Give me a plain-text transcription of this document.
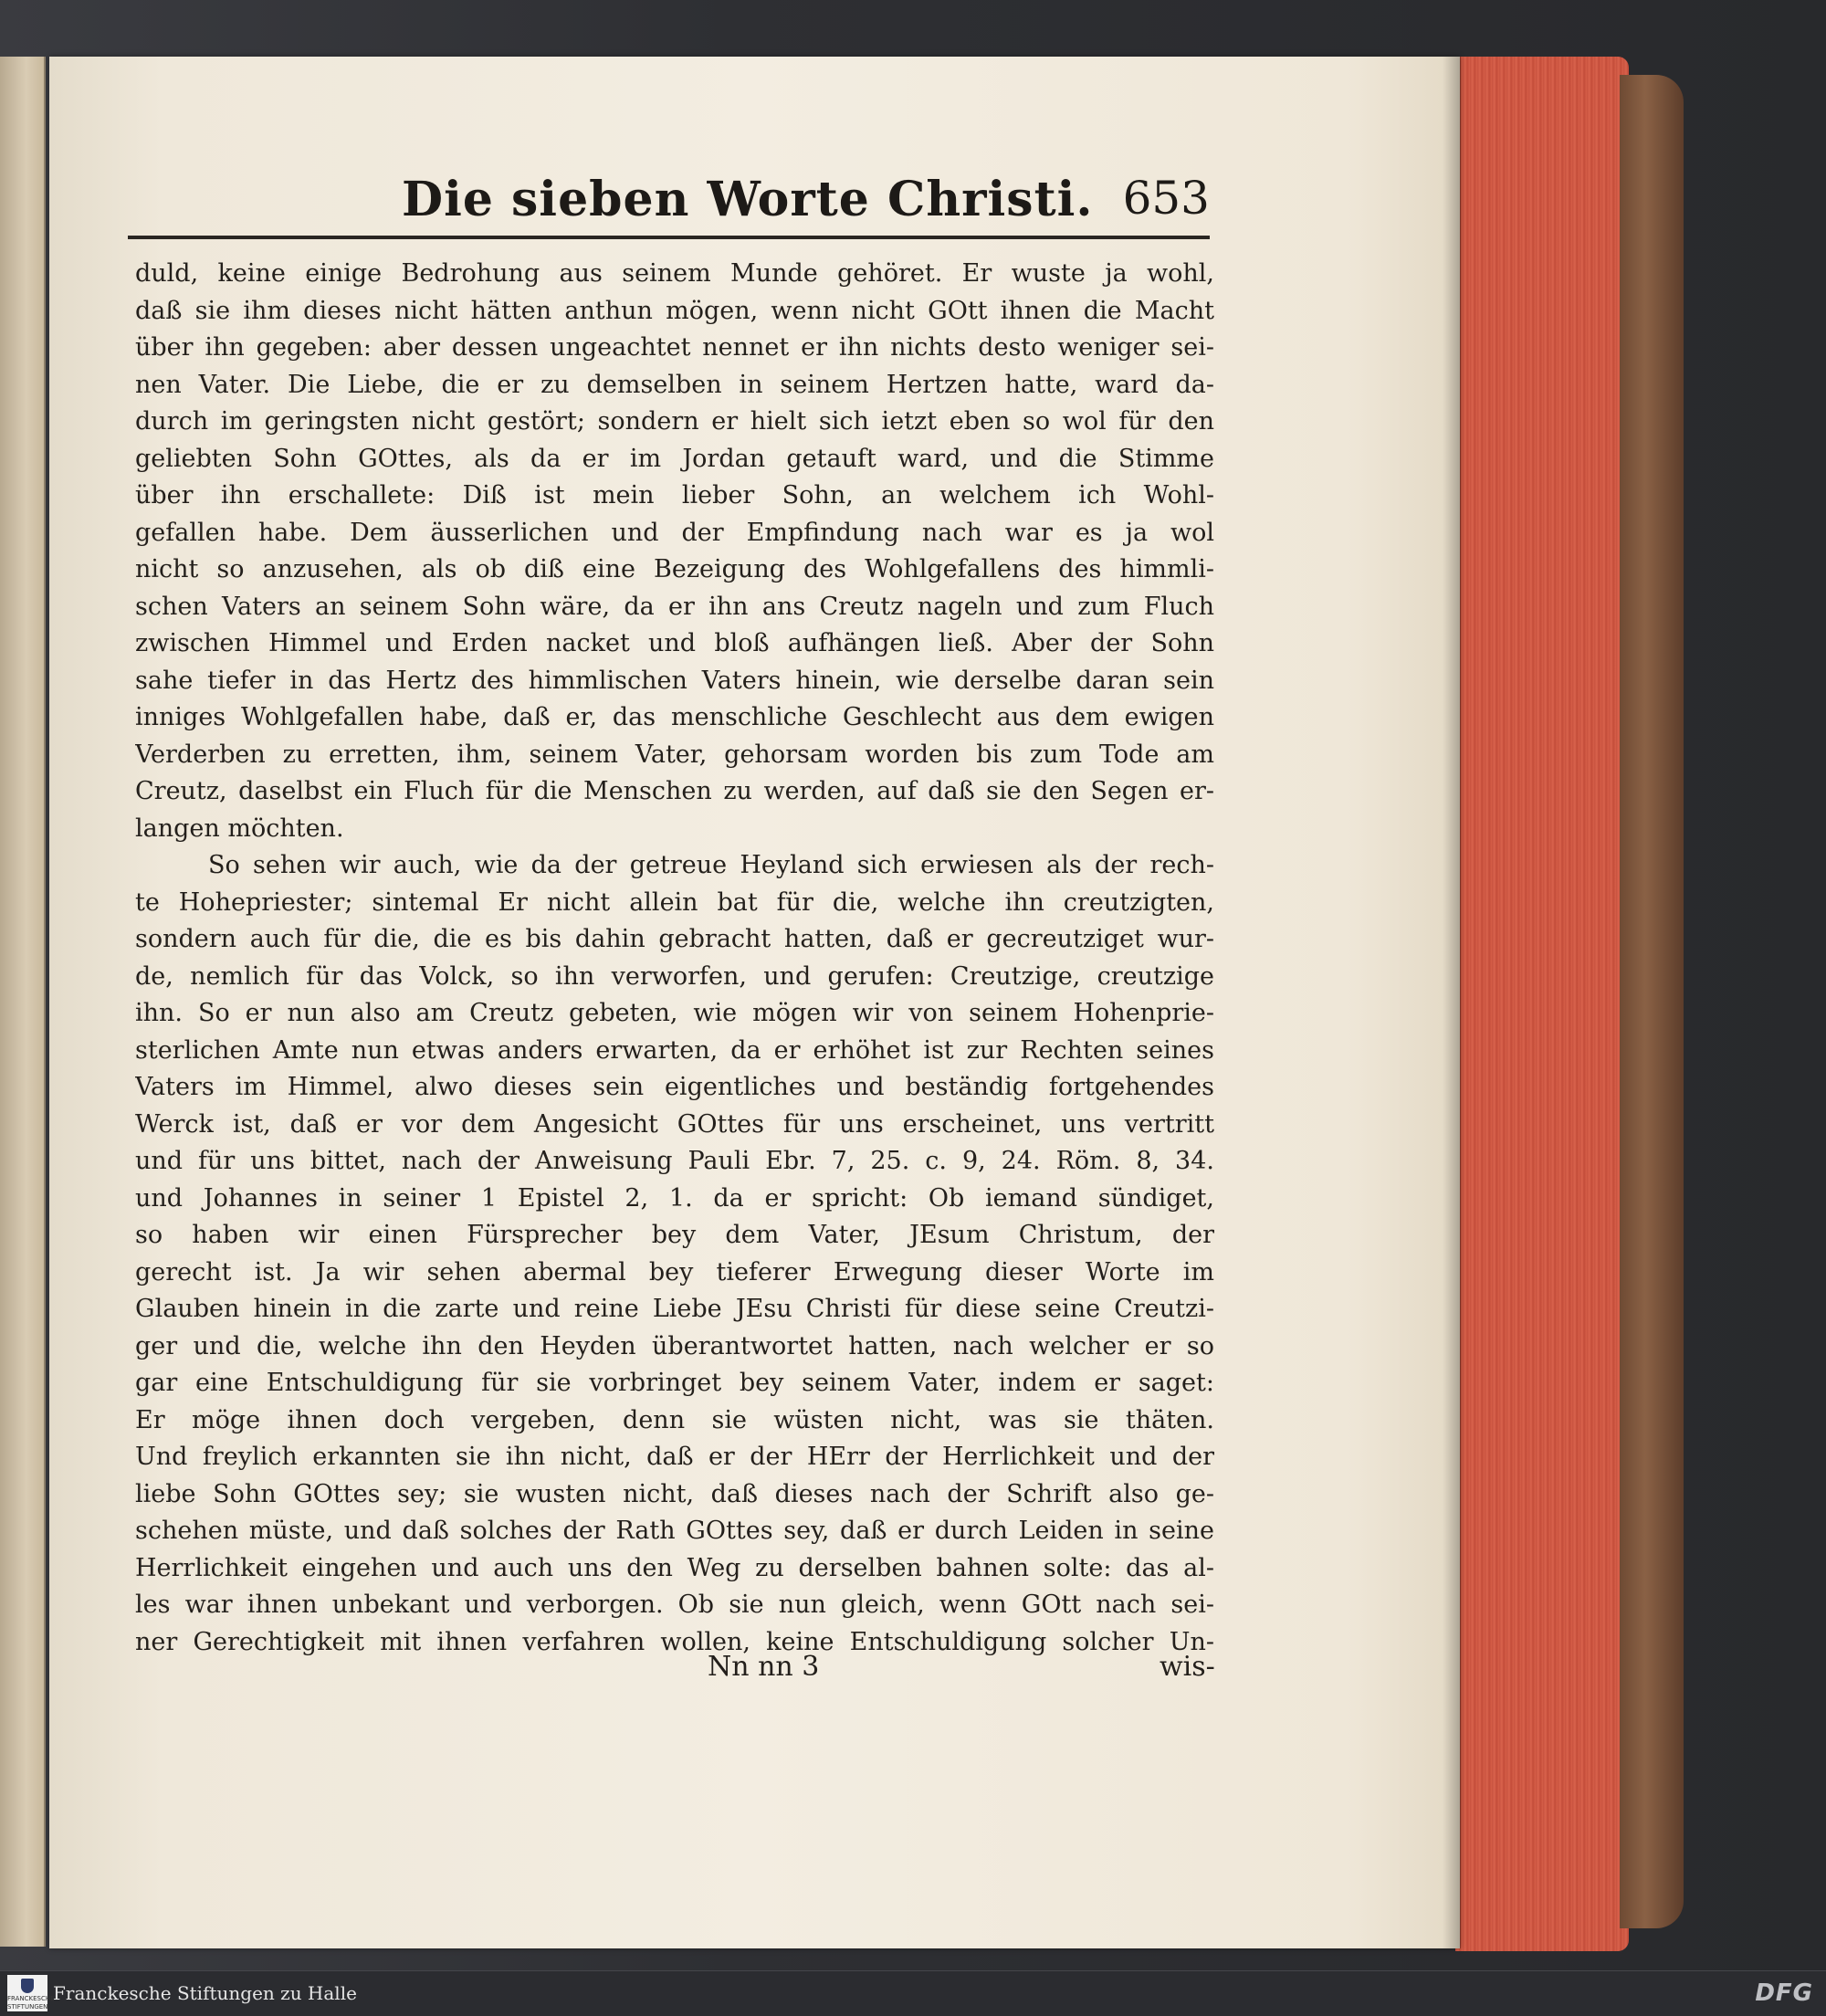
Die sieben Worte Christi. 653
duld, keine einige Bedrohung aus seinem Munde gehöret. Er wuste ja wohl,
daß sie ihm dieses nicht hätten anthun mögen, wenn nicht GOtt ihnen die Macht
über ihn gegeben: aber dessen ungeachtet nennet er ihn nichts desto weniger sei-
nen Vater. Die Liebe, die er zu demselben in seinem Hertzen hatte, ward da-
durch im geringsten nicht gestört; sondern er hielt sich ietzt eben so wol für den
geliebten Sohn GOttes, als da er im Jordan getauft ward, und die Stimme
über ihn erschallete: Diß ist mein lieber Sohn, an welchem ich Wohl-
gefallen habe. Dem äusserlichen und der Empfindung nach war es ja wol
nicht so anzusehen, als ob diß eine Bezeigung des Wohlgefallens des himmli-
schen Vaters an seinem Sohn wäre, da er ihn ans Creutz nageln und zum Fluch
zwischen Himmel und Erden nacket und bloß aufhängen ließ. Aber der Sohn
sahe tiefer in das Hertz des himmlischen Vaters hinein, wie derselbe daran sein
inniges Wohlgefallen habe, daß er, das menschliche Geschlecht aus dem ewigen
Verderben zu erretten, ihm, seinem Vater, gehorsam worden bis zum Tode am
Creutz, daselbst ein Fluch für die Menschen zu werden, auf daß sie den Segen er-
langen möchten.
So sehen wir auch, wie da der getreue Heyland sich erwiesen als der rech-
te Hohepriester; sintemal Er nicht allein bat für die, welche ihn creutzigten,
sondern auch für die, die es bis dahin gebracht hatten, daß er gecreutziget wur-
de, nemlich für das Volck, so ihn verworfen, und gerufen: Creutzige, creutzige
ihn. So er nun also am Creutz gebeten, wie mögen wir von seinem Hohenprie-
sterlichen Amte nun etwas anders erwarten, da er erhöhet ist zur Rechten seines
Vaters im Himmel, alwo dieses sein eigentliches und beständig fortgehendes
Werck ist, daß er vor dem Angesicht GOttes für uns erscheinet, uns vertritt
und für uns bittet, nach der Anweisung Pauli Ebr. 7, 25. c. 9, 24. Röm. 8, 34.
und Johannes in seiner 1 Epistel 2, 1. da er spricht: Ob iemand sündiget,
so haben wir einen Fürsprecher bey dem Vater, JEsum Christum, der
gerecht ist. Ja wir sehen abermal bey tieferer Erwegung dieser Worte im
Glauben hinein in die zarte und reine Liebe JEsu Christi für diese seine Creutzi-
ger und die, welche ihn den Heyden überantwortet hatten, nach welcher er so
gar eine Entschuldigung für sie vorbringet bey seinem Vater, indem er saget:
Er möge ihnen doch vergeben, denn sie wüsten nicht, was sie thäten.
Und freylich erkannten sie ihn nicht, daß er der HErr der Herrlichkeit und der
liebe Sohn GOttes sey; sie wusten nicht, daß dieses nach der Schrift also ge-
schehen müste, und daß solches der Rath GOttes sey, daß er durch Leiden in seine
Herrlichkeit eingehen und auch uns den Weg zu derselben bahnen solte: das al-
les war ihnen unbekant und verborgen. Ob sie nun gleich, wenn GOtt nach sei-
ner Gerechtigkeit mit ihnen verfahren wollen, keine Entschuldigung solcher Un-
Nn nn 3	wis-
FRANCKESCHE STIFTUNGEN
Franckesche Stiftungen zu Halle	DFG
